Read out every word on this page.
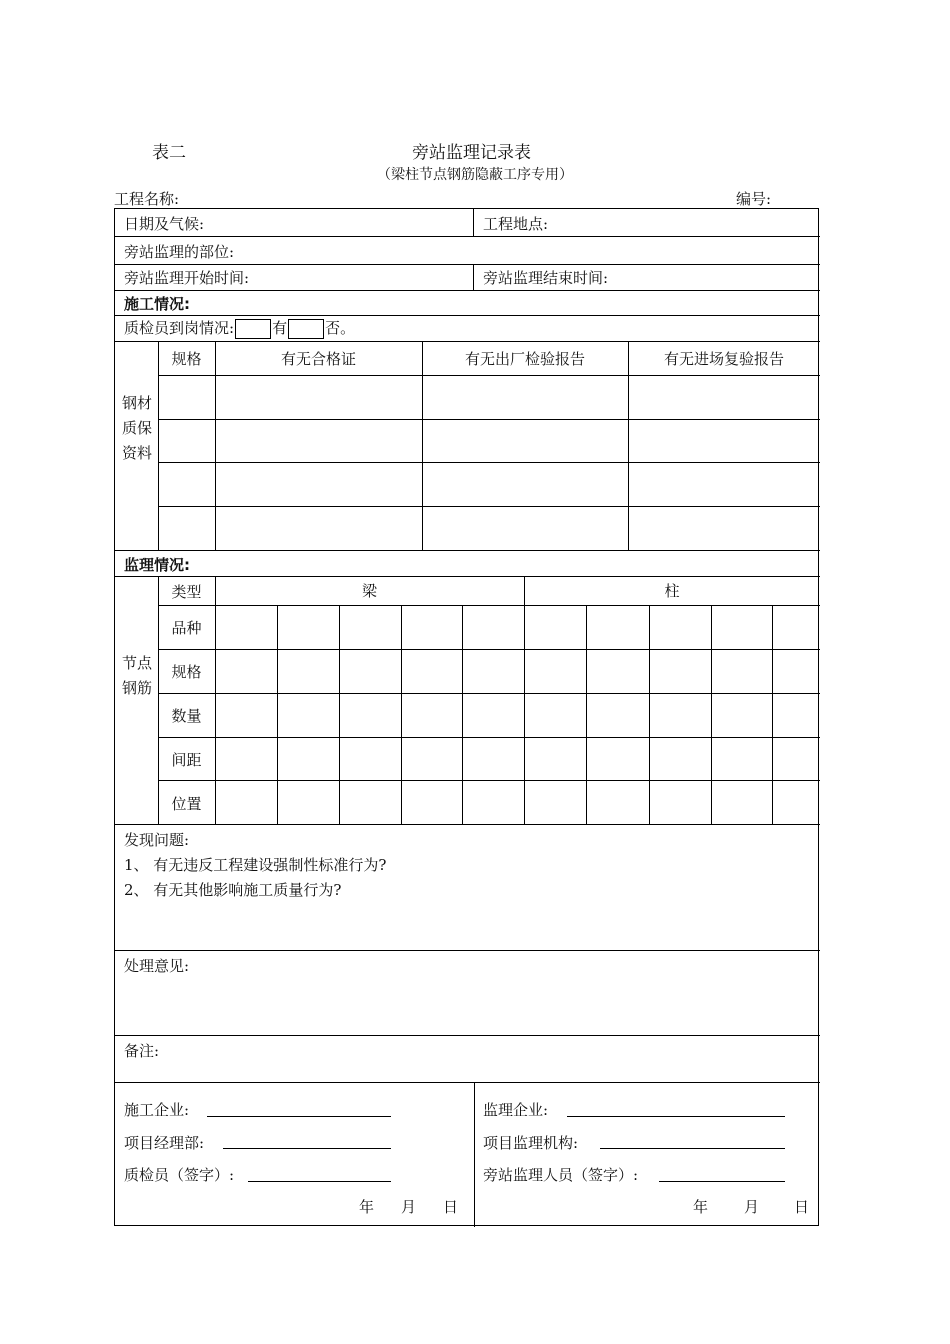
表二	旁站监理记录表
（梁柱节点钢筋隐蔽工序专用）
工程名称:	编号:
日期及气候:	工程地点:
旁站监理的部位:
旁站监理开始时间:	旁站监理结束时间:
施工情况:
质检员到岗情况:	有	否。
规格	有无合格证	有无出厂检验报告	有无进场复验报告
钢材质保资料
监理情况:
类型	梁	柱
节点钢筋
品种
规格
数量
间距
位置
发现问题:
1、 有无违反工程建设强制性标准行为?
2、 有无其他影响施工质量行为?
处理意见:
备注:
施工企业:
项目经理部:
质检员（签字）:
年 月 日
监理企业:
项目监理机构:
旁站监理人员（签字）:
年 月 日
